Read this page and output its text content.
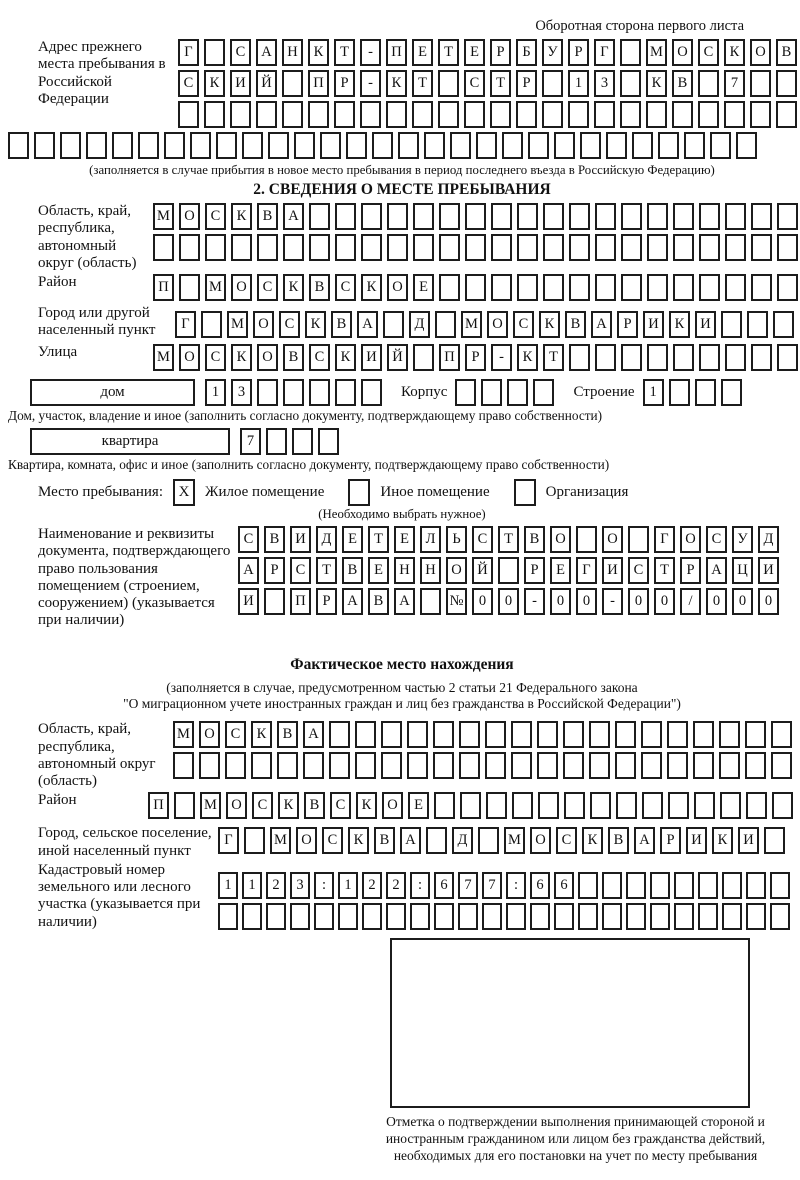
Оборотная сторона первого листа
Адрес прежнего места пребывания в Российской Федерации
Г	С	А	Н	К	Т	-	П	Е	Т	Е	Р	Б	У	Р	Г	М О	С	К	О	В
С	К	И	Й	П	Р	-	К	Т	С	Т	Р	1	3	К	В	7
(заполняется в случае прибытия в новое место пребывания в период последнего въезда в Российскую Федерацию)
2. СВЕДЕНИЯ О МЕСТЕ ПРЕБЫВАНИЯ
Область, край, республика, автономный округ (область)
М О	С	К	В	А
Район	П	М О	С	К	В	С	К	О	Е
Город или другой населенный пункт	Г	М О	С	К	В	А	Д	М О	С	К	В	А	Р	И	К	И
Улица	М О	С	К	О	В	С	К	И	Й	П	Р	-	К	Т
дом	1	3	Корпус	Строение	1
Дом, участок, владение и иное (заполнить согласно документу, подтверждающему право собственности)
квартира	7
Квартира, комната, офис и иное (заполнить согласно документу, подтверждающему право собственности)
Место пребывания:	X	Жилое помещение	Иное помещение	Организация
(Необходимо выбрать нужное)
Наименование и реквизиты документа, подтверждающего право пользования помещением (строением, сооружением) (указывается при наличии)
С	В	И	Д	Е	Т	Е	Л	Ь	С	Т	В	О	О	Г	О	С	У	Д
А	Р	С	Т	В	Е	Н	Н	О	Й	Р	Е	Г	И	С	Т	Р	А	Ц	И
И	П	Р	А	В	А	№	0	0	-	0	0	-	0	0	/	0	0	0
Фактическое место нахождения
(заполняется в случае, предусмотренном частью 2 статьи 21 Федерального закона
"О миграционном учете иностранных граждан и лиц без гражданства в Российской Федерации")
Область, край, республика, автономный округ (область)
М О	С	К	В	А
Район	П	М О	С	К	В	С	К	О	Е
Город, сельское поселение, иной населенный пункт
Г	М О	С	К	В	А	Д	М О	С	К	В	А	Р	И	К	И
Кадастровый номер земельного или лесного участка (указывается при наличии)
1	1	2	3	:	1	2	2	:	6	7	7	:	6	6
Отметка о подтверждении выполнения принимающей стороной и иностранным гражданином или лицом без гражданства действий, необходимых для его постановки на учет по месту пребывания
